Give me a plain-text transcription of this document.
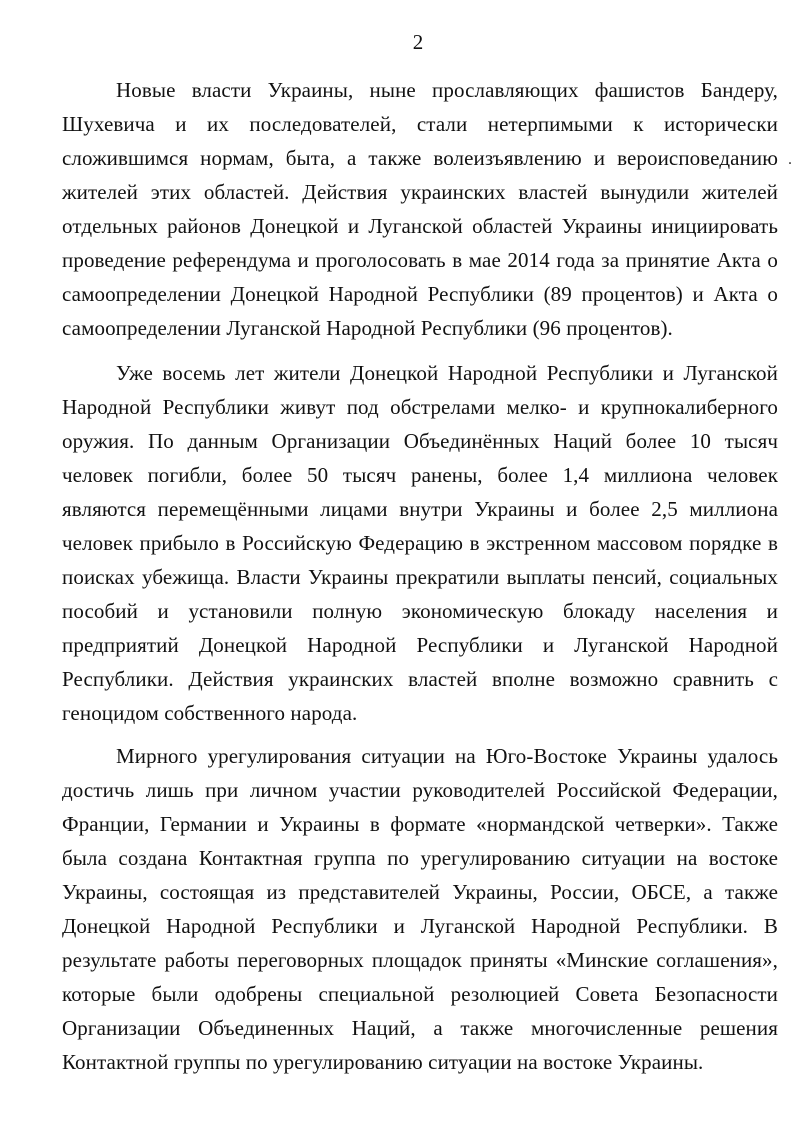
2
.

Новые власти Украины, ныне прославляющих фашистов Бандеру, Шухевича и их последователей, стали нетерпимыми к исторически сложившимся нормам, быта, а также волеизъявлению и вероисповеданию жителей этих областей. Действия украинских властей вынудили жителей отдельных районов Донецкой и Луганской областей Украины инициировать проведение референдума и проголосовать в мае 2014 года за принятие Акта о самоопределении Донецкой Народной Республики (89 процентов) и Акта о самоопределении Луганской Народной Республики (96 процентов).

Уже восемь лет жители Донецкой Народной Республики и Луганской Народной Республики живут под обстрелами мелко- и крупнокалиберного оружия. По данным Организации Объединённых Наций более 10 тысяч человек погибли, более 50 тысяч ранены, более 1,4 миллиона человек являются перемещёнными лицами внутри Украины и более 2,5 миллиона человек прибыло в Российскую Федерацию в экстренном массовом порядке в поисках убежища. Власти Украины прекратили выплаты пенсий, социальных пособий и установили полную экономическую блокаду населения и предприятий Донецкой Народной Республики и Луганской Народной Республики. Действия украинских властей вполне возможно сравнить с геноцидом собственного народа.

Мирного урегулирования ситуации на Юго-Востоке Украины удалось достичь лишь при личном участии руководителей Российской Федерации, Франции, Германии и Украины в формате «нормандской четверки». Также была создана Контактная группа по урегулированию ситуации на востоке Украины, состоящая из представителей Украины, России, ОБСЕ, а также Донецкой Народной Республики и Луганской Народной Республики. В результате работы переговорных площадок приняты «Минские соглашения», которые были одобрены специальной резолюцией Совета Безопасности Организации Объединенных Наций, а также многочисленные решения Контактной группы по урегулированию ситуации на востоке Украины.
